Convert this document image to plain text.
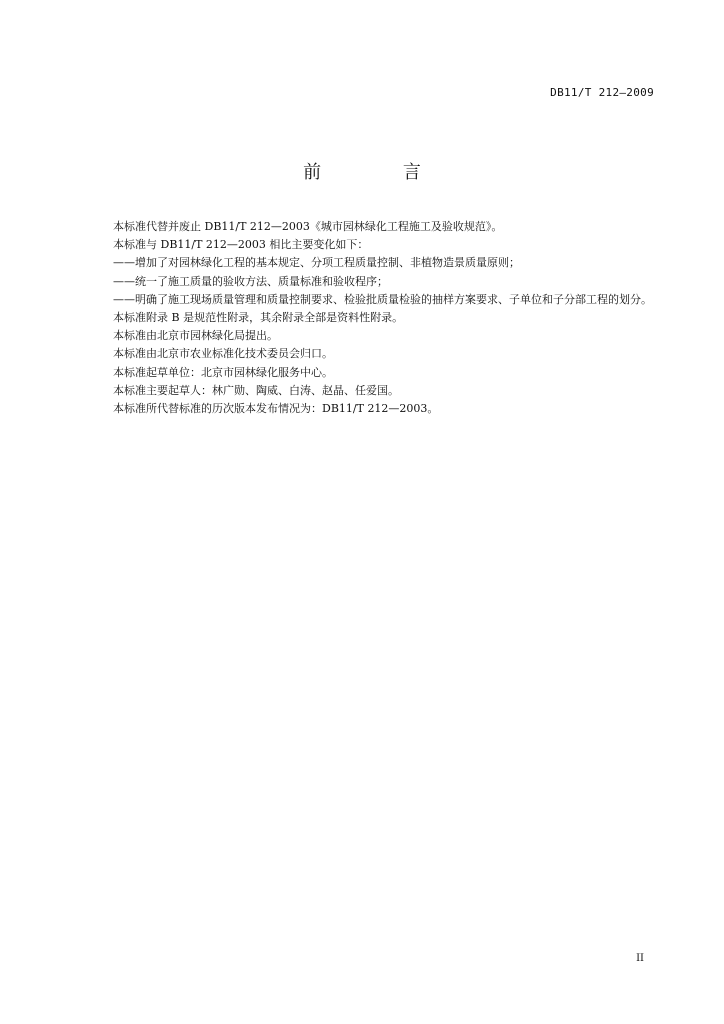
DB11/T 212—2009
前 言
本标准代替并废止 DB11/T 212—2003《城市园林绿化工程施工及验收规范》。
本标准与 DB11/T 212—2003 相比主要变化如下：
——增加了对园林绿化工程的基本规定、分项工程质量控制、非植物造景质量原则；
——统一了施工质量的验收方法、质量标准和验收程序；
——明确了施工现场质量管理和质量控制要求、检验批质量检验的抽样方案要求、子单位和子分部工程的划分。
本标准附录 B 是规范性附录，其余附录全部是资料性附录。
本标准由北京市园林绿化局提出。
本标准由北京市农业标准化技术委员会归口。
本标准起草单位：北京市园林绿化服务中心。
本标准主要起草人：林广勋、陶威、白涛、赵晶、任爱国。
本标准所代替标准的历次版本发布情况为：DB11/T 212—2003。
II
